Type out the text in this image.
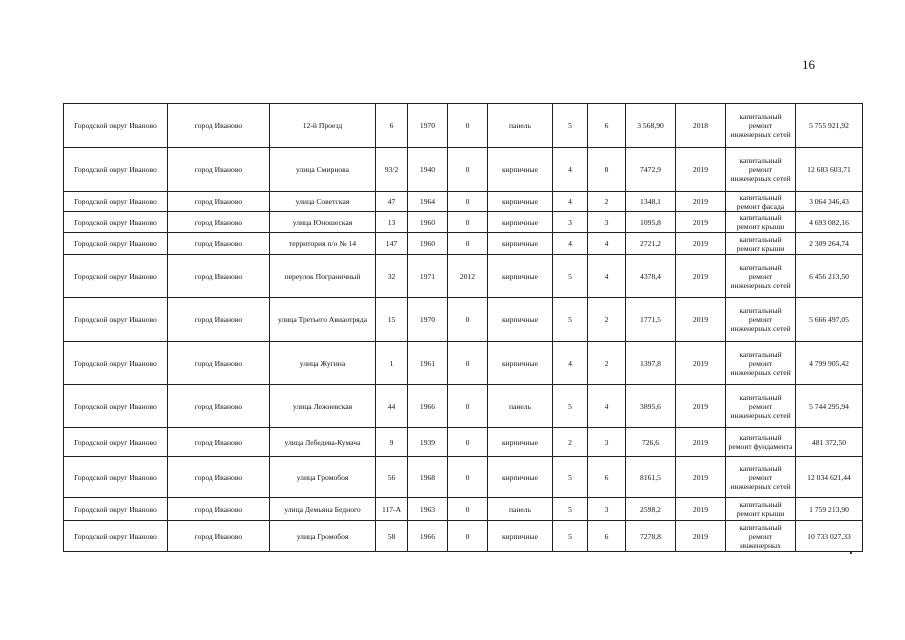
16
Городской округ Иваново	город Иваново	12-й Проезд	6	1970	0	панель	5	6	3 568,90	2018	капитальный ремонт инженерных сетей	5 755 921,92
Городской округ Иваново	город Иваново	улица Смирнова	93/2	1940	0	кирпичные	4	8	7472,9	2019	капитальный ремонт инженерных сетей	12 683 603,71
Городской округ Иваново	город Иваново	улица Советская	47	1964	0	кирпичные	4	2	1348,1	2019	капитальный ремонт фасада	3 064 346,43
Городской округ Иваново	город Иваново	улица Юношеская	13	1960	0	кирпичные	3	3	1095,8	2019	капитальный ремонт крыши	4 693 082,16
Городской округ Иваново	город Иваново	территория п/о № 14	147	1960	0	кирпичные	4	4	2721,2	2019	капитальный ремонт крыши	2 309 264,74
Городской округ Иваново	город Иваново	переулок Пограничный	32	1971	2012	кирпичные	5	4	4378,4	2019	капитальный ремонт инженерных сетей	6 456 213,50
Городской округ Иваново	город Иваново	улица Третьего Авиаотряда	15	1970	0	кирпичные	5	2	1771,5	2019	капитальный ремонт инженерных сетей	5 666 497,05
Городской округ Иваново	город Иваново	улица Жугина	1	1961	0	кирпичные	4	2	1397,8	2019	капитальный ремонт инженерных сетей	4 799 905,42
Городской округ Иваново	город Иваново	улица Лежневская	44	1966	0	панель	5	4	3895,6	2019	капитальный ремонт инженерных сетей	5 744 295,94
Городской округ Иваново	город Иваново	улица Лебедева-Кумача	9	1939	0	кирпичные	2	3	726,6	2019	капитальный ремонт фундамента	481 372,50
Городской округ Иваново	город Иваново	улица Громобоя	56	1968	0	кирпичные	5	6	8161,5	2019	капитальный ремонт инженерных сетей	12 034 621,44
Городской округ Иваново	город Иваново	улица Демьяна Бедного	117-А	1963	0	панель	5	3	2598,2	2019	капитальный ремонт крыши	1 759 213,90
Городской округ Иваново	город Иваново	улица Громобоя	58	1966	0	кирпичные	5	6	7278,8	2019	капитальный ремонт инженерных	10 733 027,33
